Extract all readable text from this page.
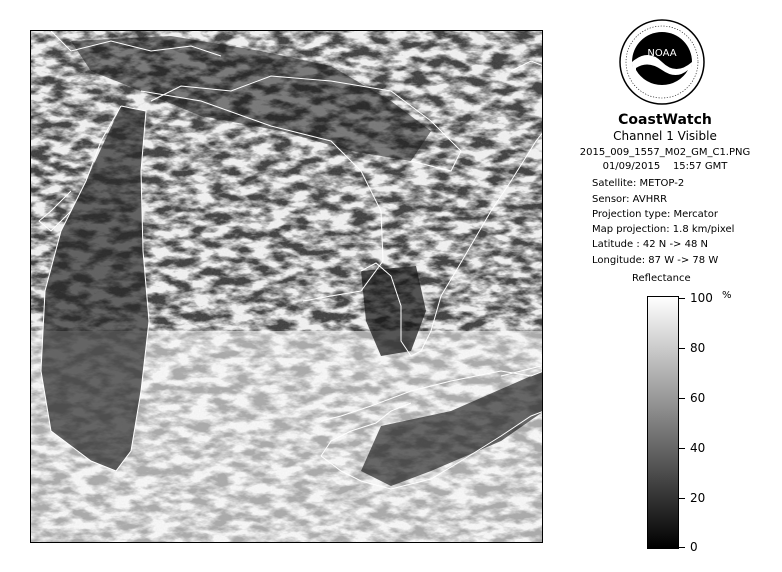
NOAA
CoastWatch
Channel 1 Visible
2015_009_1557_M02_GM_C1.PNG
01/09/2015 15:57 GMT
Satellite: METOP-2
Sensor: AVHRR
Projection type: Mercator
Map projection: 1.8 km/pixel
Latitude : 42 N -> 48 N
Longitude: 87 W -> 78 W
Reflectance
%
100
80
60
40
20
0
